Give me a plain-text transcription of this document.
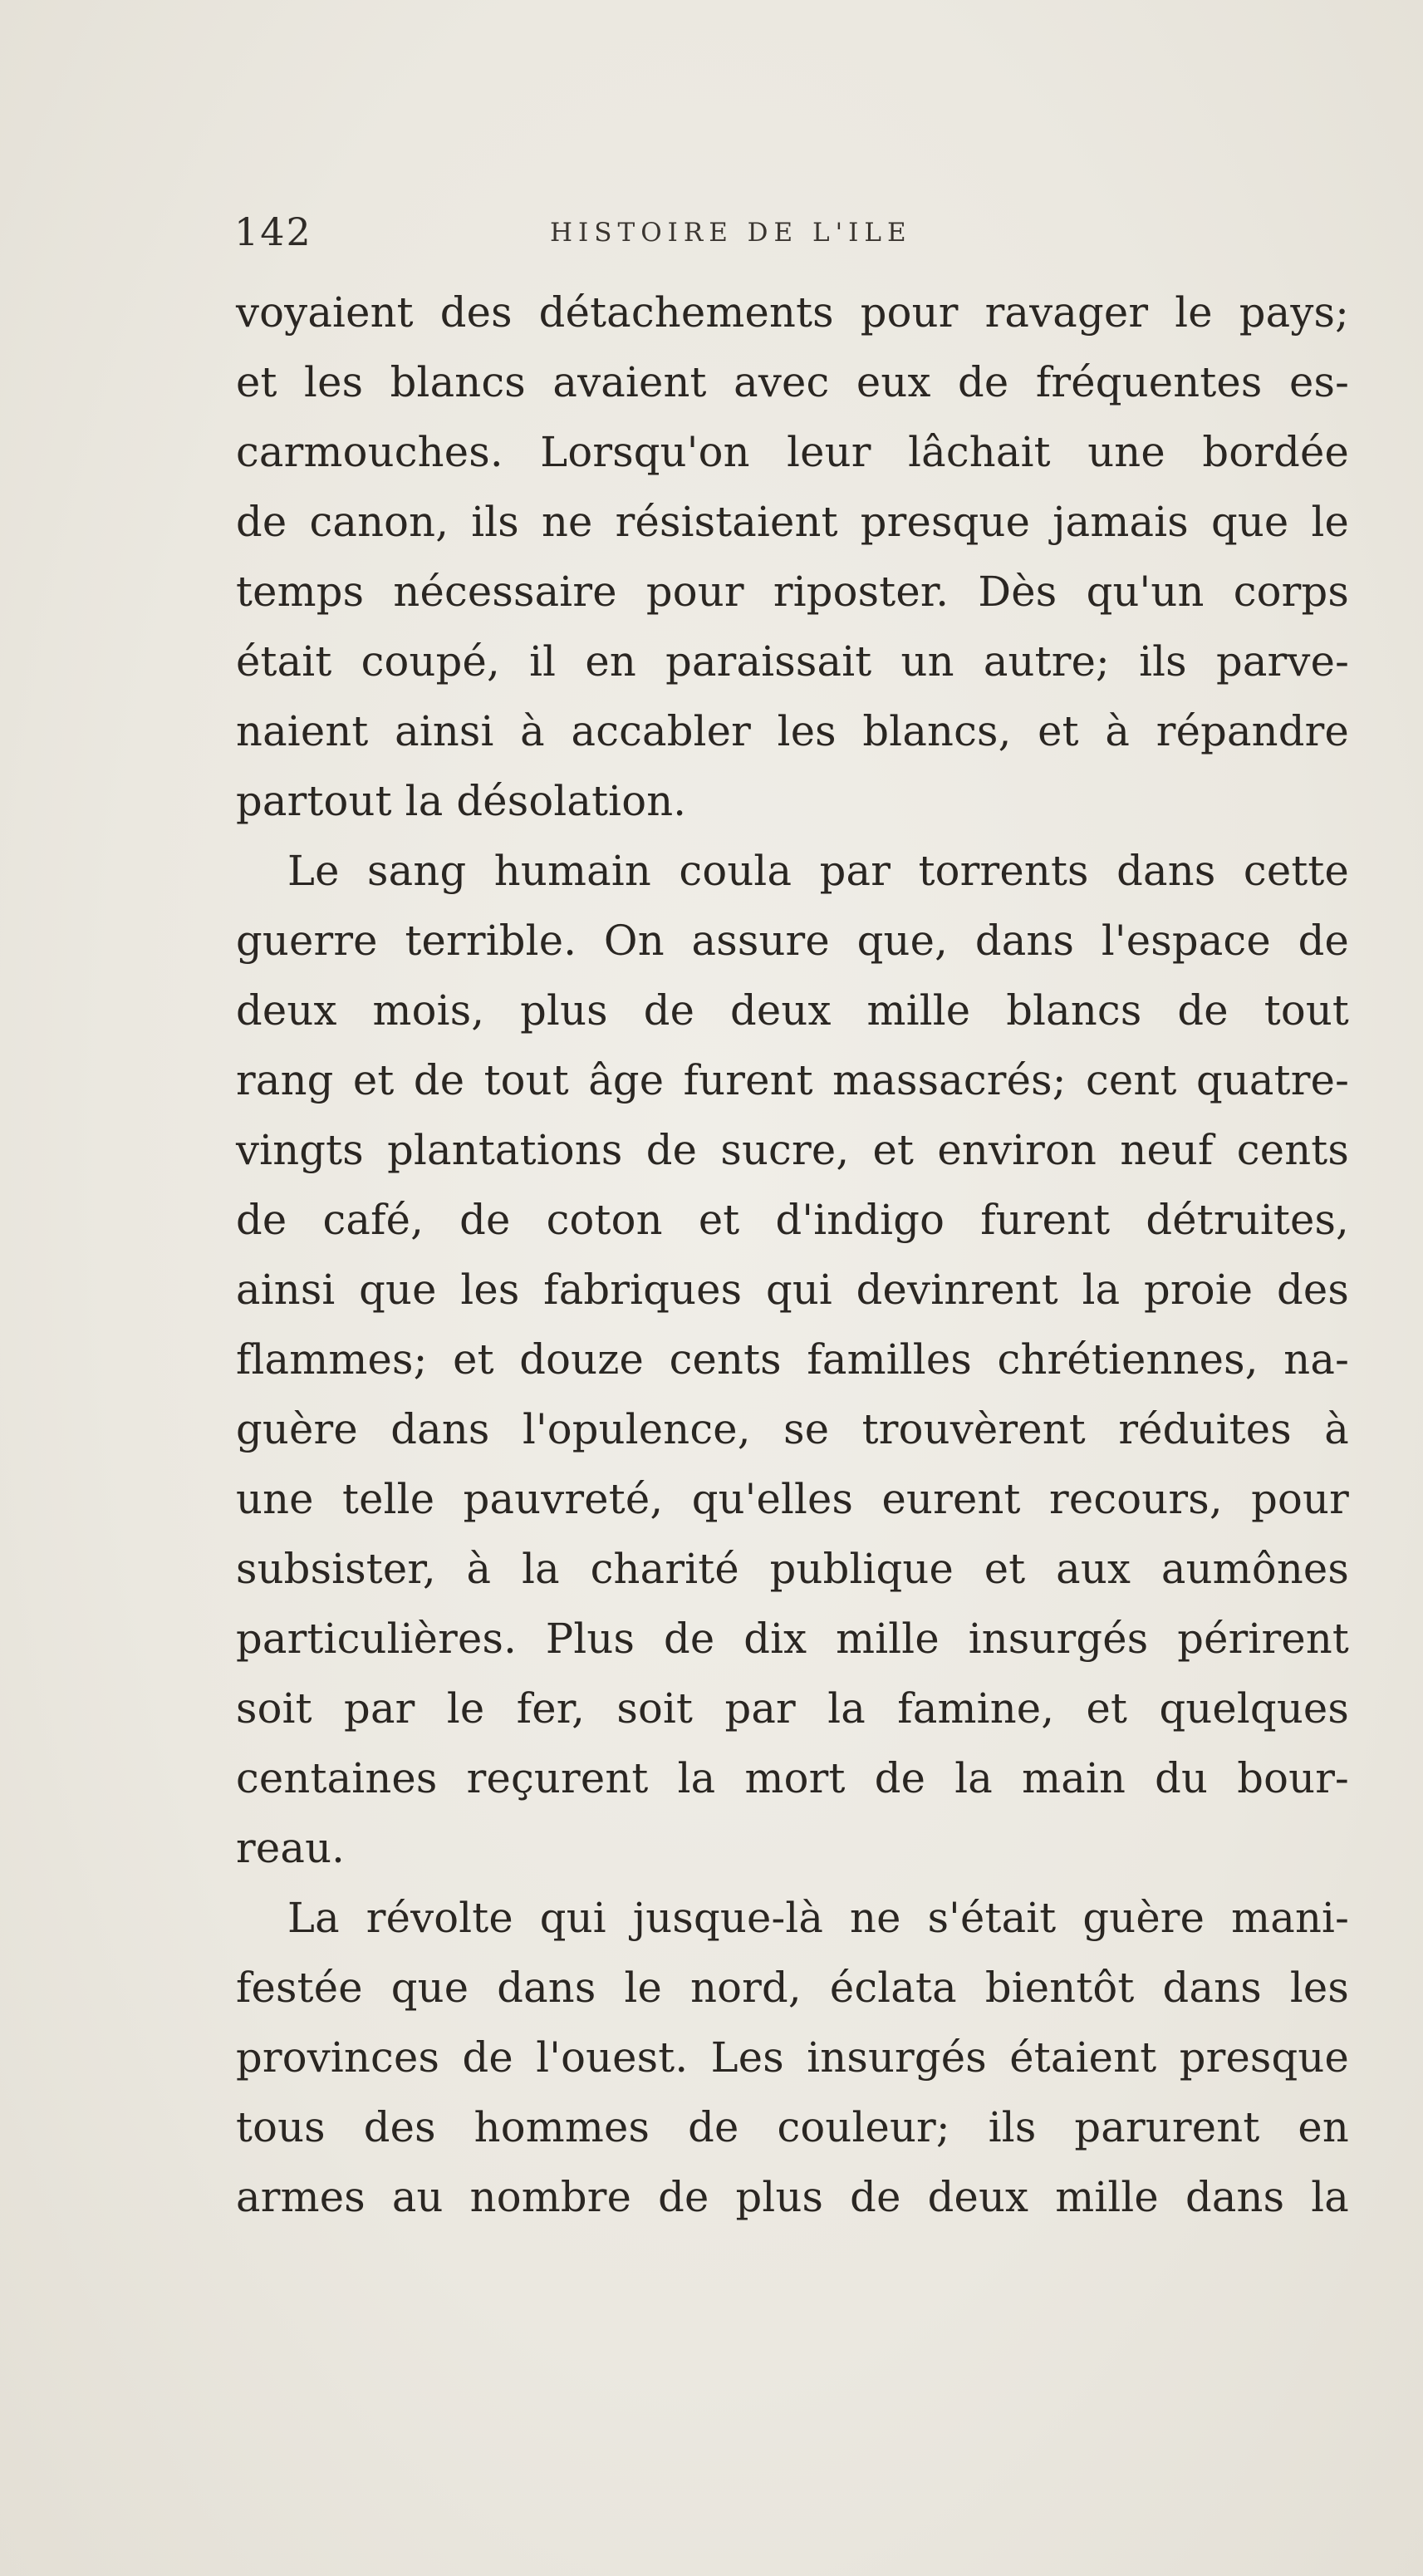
142	HISTOIRE DE L'ILE
voyaient des détachements pour ravager le pays;
et les blancs avaient avec eux de fréquentes es-
carmouches. Lorsqu'on leur lâchait une bordée
de canon, ils ne résistaient presque jamais que le
temps nécessaire pour riposter. Dès qu'un corps
était coupé, il en paraissait un autre; ils parve-
naient ainsi à accabler les blancs, et à répandre
partout la désolation.
Le sang humain coula par torrents dans cette
guerre terrible. On assure que, dans l'espace de
deux mois, plus de deux mille blancs de tout
rang et de tout âge furent massacrés; cent quatre-
vingts plantations de sucre, et environ neuf cents
de café, de coton et d'indigo furent détruites,
ainsi que les fabriques qui devinrent la proie des
flammes; et douze cents familles chrétiennes, na-
guère dans l'opulence, se trouvèrent réduites à
une telle pauvreté, qu'elles eurent recours, pour
subsister, à la charité publique et aux aumônes
particulières. Plus de dix mille insurgés périrent
soit par le fer, soit par la famine, et quelques
centaines reçurent la mort de la main du bour-
reau.
La révolte qui jusque-là ne s'était guère mani-
festée que dans le nord, éclata bientôt dans les
provinces de l'ouest. Les insurgés étaient presque
tous des hommes de couleur; ils parurent en
armes au nombre de plus de deux mille dans la
